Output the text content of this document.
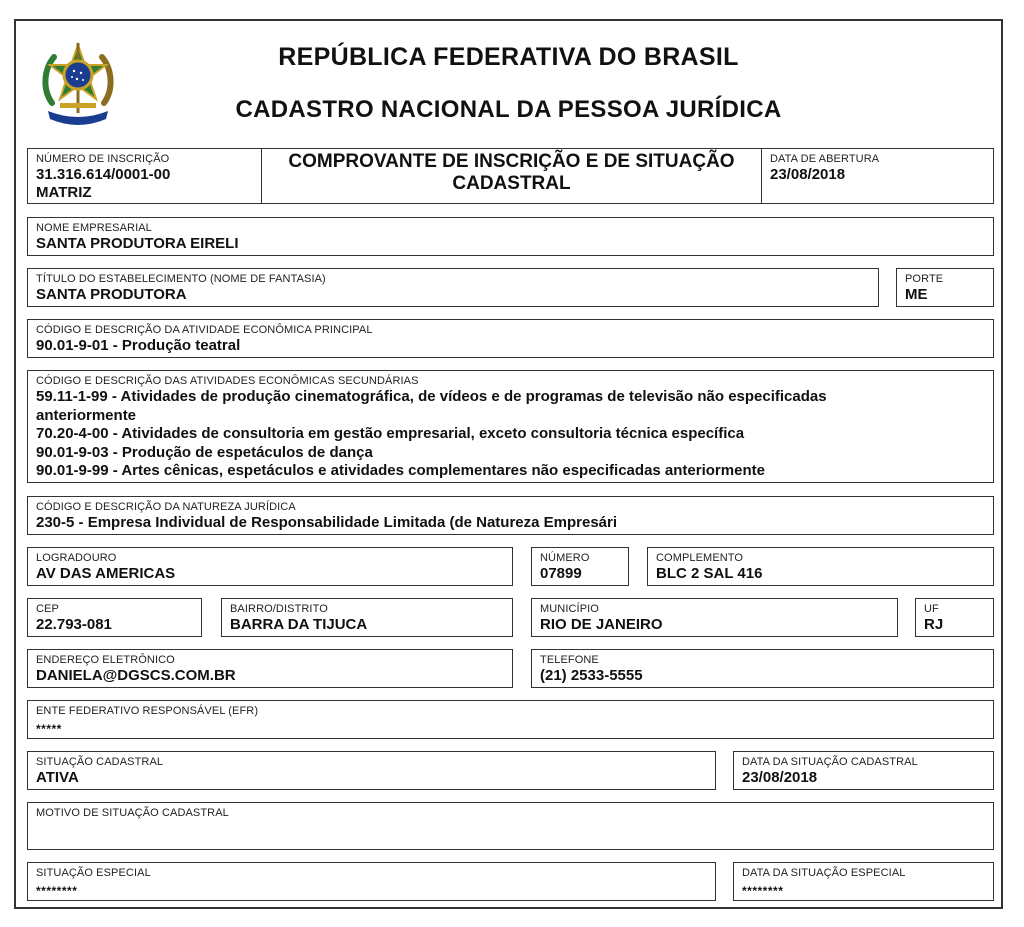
REPÚBLICA FEDERATIVA DO BRASIL
CADASTRO NACIONAL DA PESSOA JURÍDICA
NÚMERO DE INSCRIÇÃO
31.316.614/0001-00
MATRIZ
COMPROVANTE DE INSCRIÇÃO E DE SITUAÇÃO
CADASTRAL
DATA DE ABERTURA
23/08/2018
NOME EMPRESARIAL
SANTA PRODUTORA EIRELI
TÍTULO DO ESTABELECIMENTO (NOME DE FANTASIA)
SANTA PRODUTORA
PORTE
ME
CÓDIGO E DESCRIÇÃO DA ATIVIDADE ECONÔMICA PRINCIPAL
90.01-9-01 - Produção teatral
CÓDIGO E DESCRIÇÃO DAS ATIVIDADES ECONÔMICAS SECUNDÁRIAS
59.11-1-99 - Atividades de produção cinematográfica, de vídeos e de programas de televisão não especificadas
anteriormente
70.20-4-00 - Atividades de consultoria em gestão empresarial, exceto consultoria técnica específica
90.01-9-03 - Produção de espetáculos de dança
90.01-9-99 - Artes cênicas, espetáculos e atividades complementares não especificadas anteriormente
CÓDIGO E DESCRIÇÃO DA NATUREZA JURÍDICA
230-5 - Empresa Individual de Responsabilidade Limitada (de Natureza Empresári
LOGRADOURO
AV DAS AMERICAS
NÚMERO
07899
COMPLEMENTO
BLC 2 SAL 416
CEP
22.793-081
BAIRRO/DISTRITO
BARRA DA TIJUCA
MUNICÍPIO
RIO DE JANEIRO
UF
RJ
ENDEREÇO ELETRÔNICO
DANIELA@DGSCS.COM.BR
TELEFONE
(21) 2533-5555
ENTE FEDERATIVO RESPONSÁVEL (EFR)
*****
SITUAÇÃO CADASTRAL
ATIVA
DATA DA SITUAÇÃO CADASTRAL
23/08/2018
MOTIVO DE SITUAÇÃO CADASTRAL
SITUAÇÃO ESPECIAL
********
DATA DA SITUAÇÃO ESPECIAL
********
